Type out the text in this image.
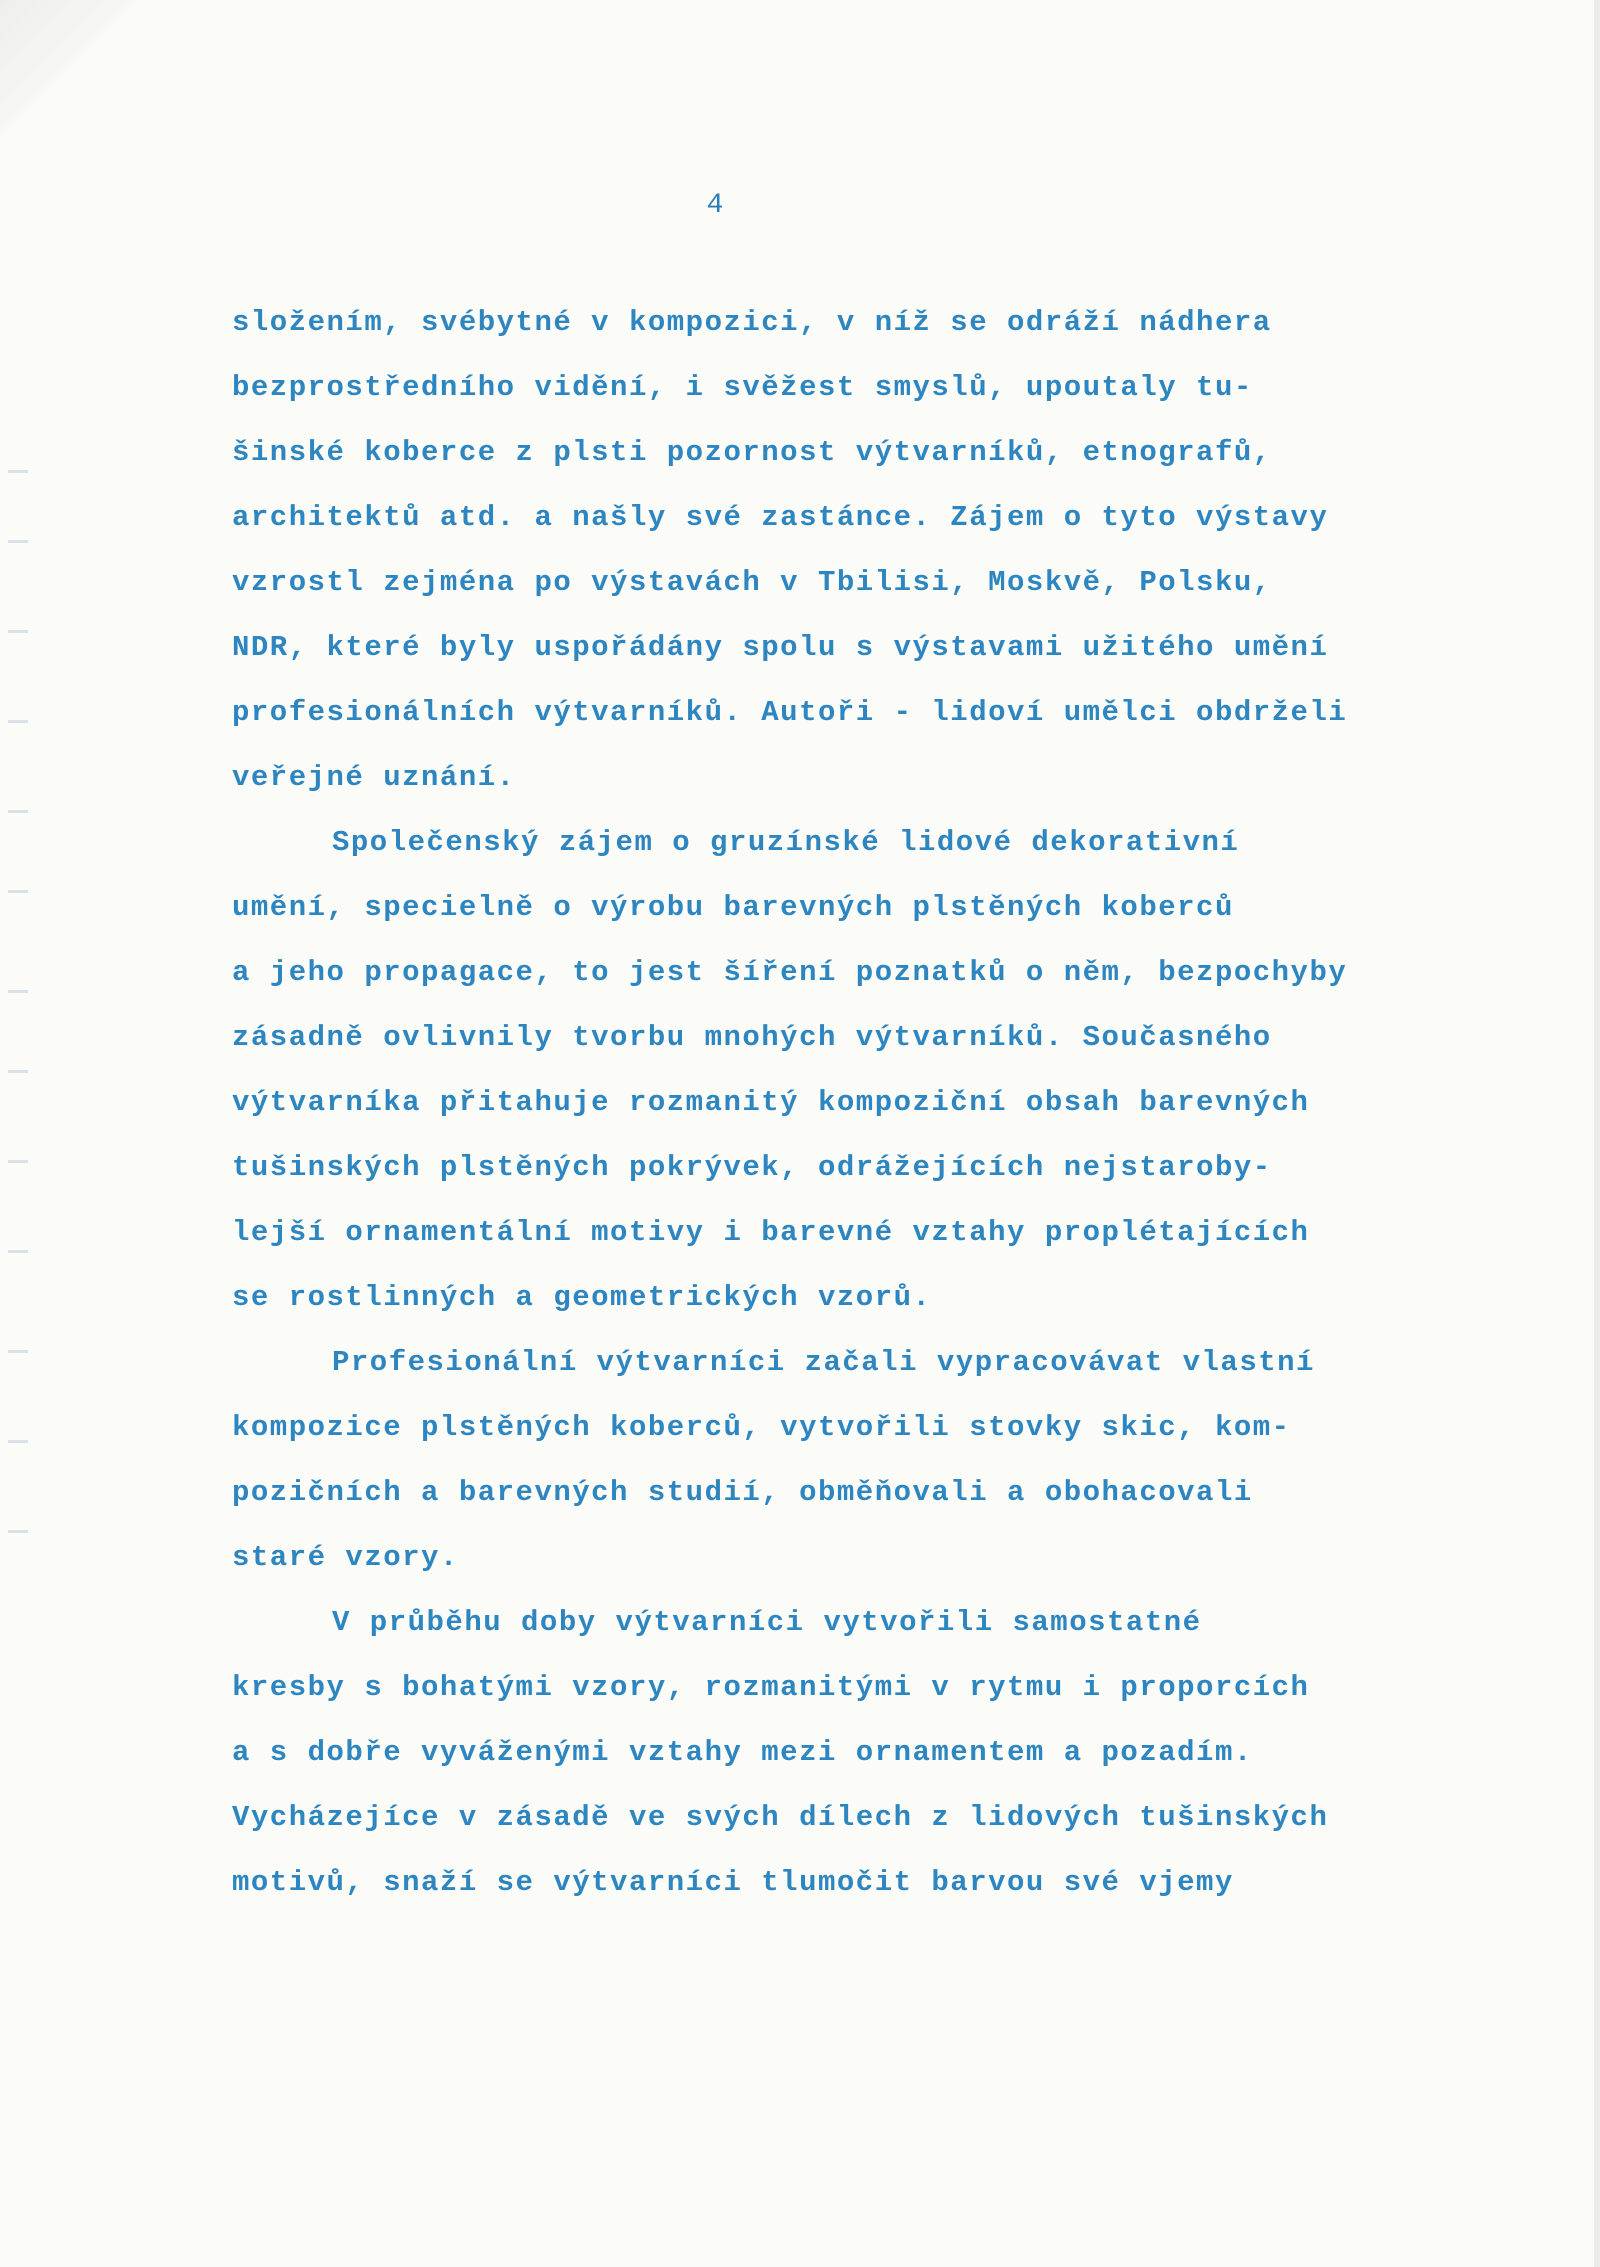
4
složením, svébytné v kompozici, v níž se odráží nádhera
bezprostředního vidění, i svěžest smyslů, upoutaly tu-
šinské koberce z plsti pozornost výtvarníků, etnografů,
architektů atd. a našly své zastánce. Zájem o tyto výstavy
vzrostl zejména po výstavách v Tbilisi, Moskvě, Polsku,
NDR, které byly uspořádány spolu s výstavami užitého umění
profesionálních výtvarníků. Autoři - lidoví umělci obdrželi
veřejné uznání.
Společenský zájem o gruzínské lidové dekorativní
umění, specielně o výrobu barevných plstěných koberců
a jeho propagace, to jest šíření poznatků o něm, bezpochyby
zásadně ovlivnily tvorbu mnohých výtvarníků. Současného
výtvarníka přitahuje rozmanitý kompoziční obsah barevných
tušinských plstěných pokrývek, odrážejících nejstaroby-
lejší ornamentální motivy i barevné vztahy proplétajících
se rostlinných a geometrických vzorů.
Profesionální výtvarníci začali vypracovávat vlastní
kompozice plstěných koberců, vytvořili stovky skic, kom-
pozičních a barevných studií, obměňovali a obohacovali
staré vzory.
V průběhu doby výtvarníci vytvořili samostatné
kresby s bohatými vzory, rozmanitými v rytmu i proporcích
a s dobře vyváženými vztahy mezi ornamentem a pozadím.
Vycházejíce v zásadě ve svých dílech z lidových tušinských
motivů, snaží se výtvarníci tlumočit barvou své vjemy
